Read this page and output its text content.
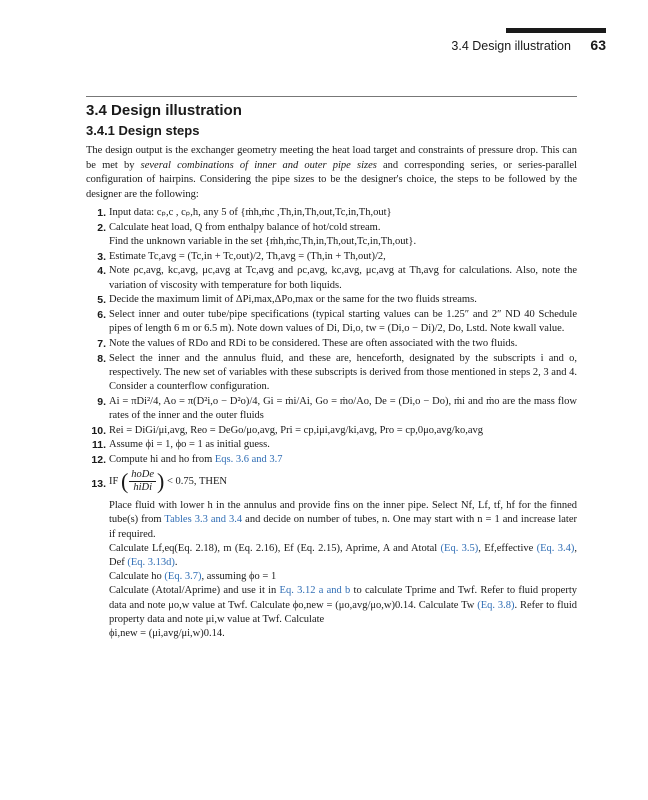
3.4 Design illustration 63
3.4 Design illustration
3.4.1 Design steps

The design output is the exchanger geometry meeting the heat load target and constraints of pressure drop. This can be met by several combinations of inner and outer pipe sizes and corresponding series, or series-parallel configuration of hairpins. Considering the pipe sizes to be the designer's choice, the steps to be followed by the designer are the following:

1. Input data: cₚ,c , cₚ,h, any 5 of {ṁh,ṁc ,Th,in,Th,out,Tc,in,Th,out}
2. Calculate heat load, Q from enthalpy balance of hot/cold stream.
Find the unknown variable in the set {ṁh,ṁc,Th,in,Th,out,Tc,in,Th,out}.
3. Estimate Tc,avg = (Tc,in + Tc,out)/2, Th,avg = (Th,in + Th,out)/2,
4. Note ρc,avg, kc,avg, μc,avg at Tc,avg and ρc,avg, kc,avg, μc,avg at Th,avg for calculations. Also, note the variation of viscosity with temperature for both liquids.
5. Decide the maximum limit of ΔPi,max,ΔPo,max or the same for the two fluids streams.
6. Select inner and outer tube/pipe specifications (typical starting values can be 1.25″ and 2″ ND 40 Schedule pipes of length 6 m or 6.5 m). Note down values of Di, Di,o, tw = (Di,o − Di)/2, Do, Lstd. Note kwall value.
7. Note the values of RDo and RDi to be considered. These are often associated with the two fluids.
8. Select the inner and the annulus fluid, and these are, henceforth, designated by the subscripts i and o, respectively. The new set of variables with these subscripts is derived from those mentioned in steps 2, 3 and 4. Consider a counterflow configuration.
9. Ai = πDi²/4, Ao = π(D²i,o − D²o)/4, Gi = ṁi/Ai, Go = ṁo/Ao, De = (Di,o − Do), ṁi and ṁo are the mass flow rates of the inner and the outer fluids
10. Rei = DiGi/μi,avg, Reo = DeGo/μo,avg, Pri = cp,iμi,avg/ki,avg, Pro = cp,0μo,avg/ko,avg
11. Assume ϕi = 1, ϕo = 1 as initial guess.
12. Compute hi and ho from Eqs. 3.6 and 3.7
13. IF ( $\frac{\text{hoDe}}{\text{hiDi}}$ ) < 0.75, THEN
Place fluid with lower h in the annulus and provide fins on the inner pipe. Select Nf, Lf, tf, hf for the finned tube(s) from Tables 3.3 and 3.4 and decide on number of tubes, n. One may start with n = 1 and increase later if required.
Calculate Lf,eq(Eq. 2.18), m (Eq. 2.16), Ef (Eq. 2.15), Aprime, A and Atotal (Eq. 3.5), Ef,effective (Eq. 3.4), Def (Eq. 3.13d).
Calculate ho (Eq. 3.7), assuming ϕo = 1
Calculate (Atotal/Aprime) and use it in Eq. 3.12 a and b to calculate Tprime and Twf. Refer to fluid property data and note μo,w value at Twf. Calculate ϕo,new = (μo,avg/μo,w)0.14. Calculate Tw (Eq. 3.8). Refer to fluid property data and note μi,w value at Twf. Calculate
ϕi,new = (μi,avg/μi,w)0.14.
